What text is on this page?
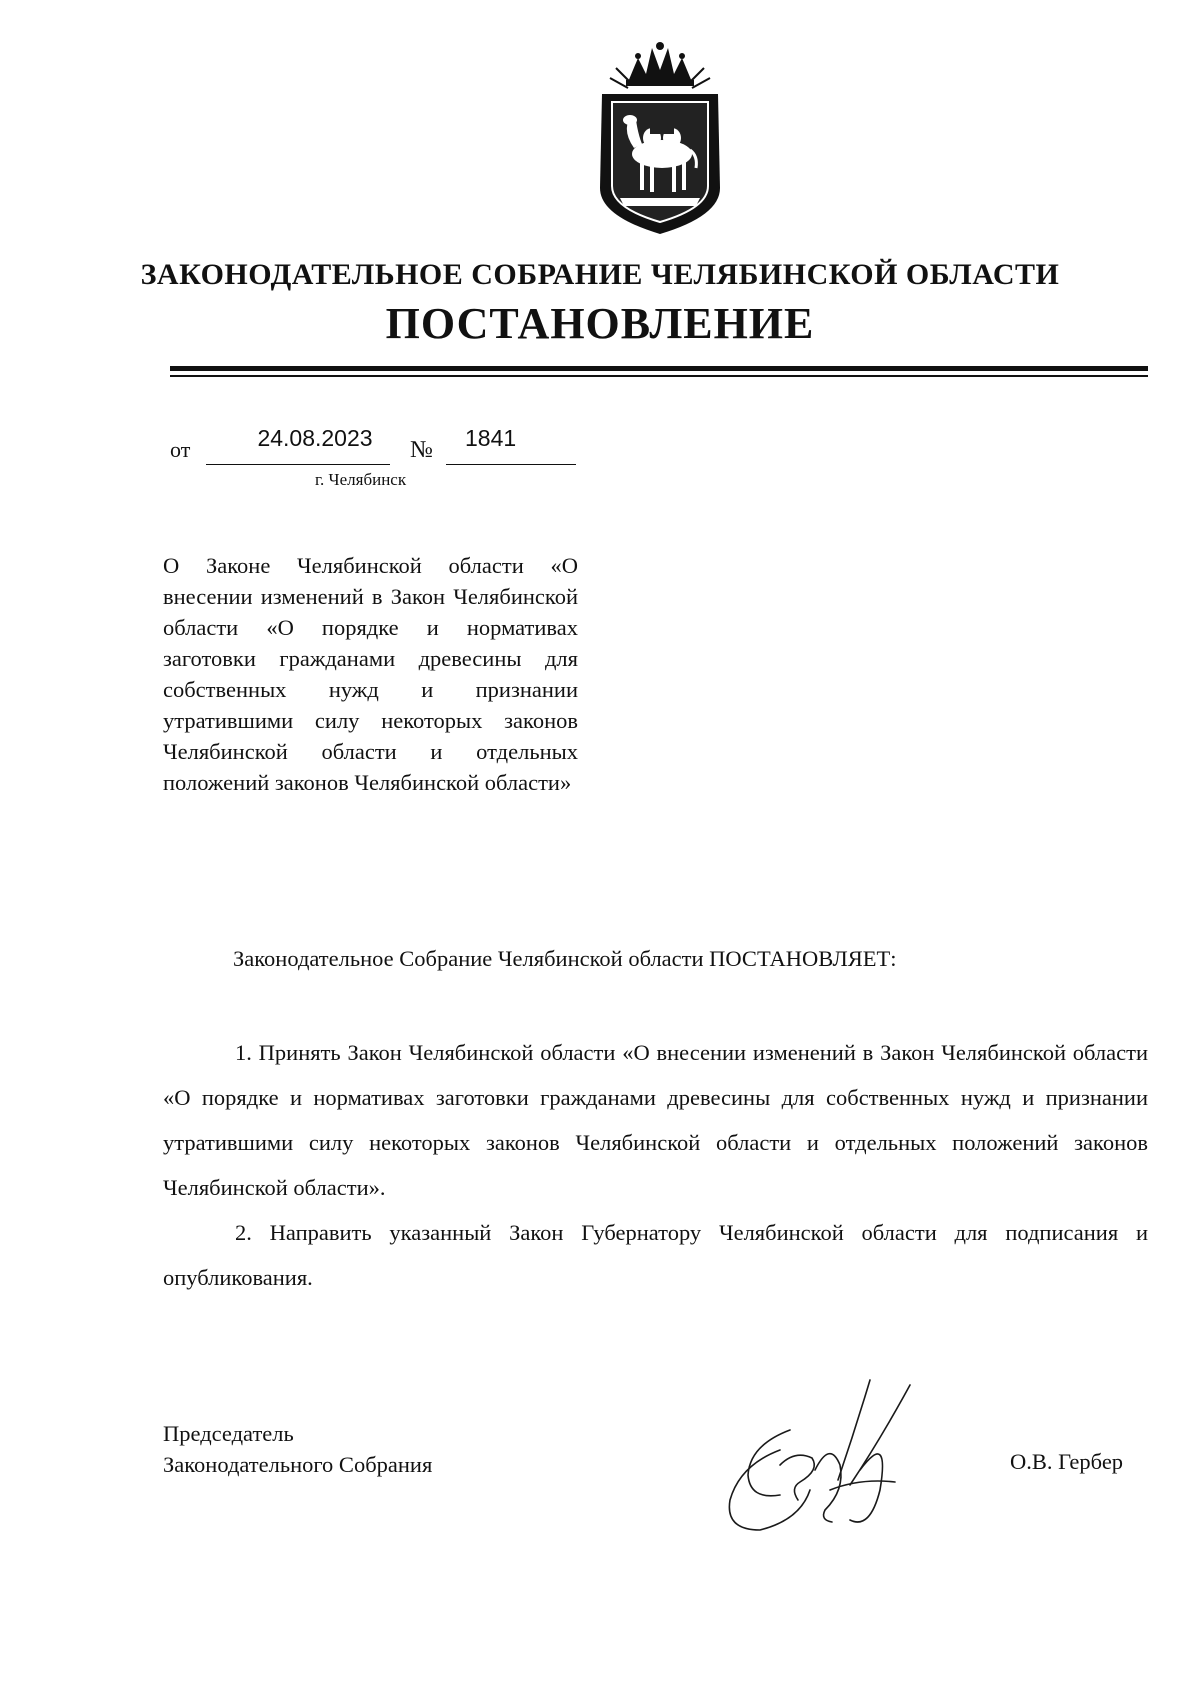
ЗАКОНОДАТЕЛЬНОЕ СОБРАНИЕ ЧЕЛЯБИНСКОЙ ОБЛАСТИ
ПОСТАНОВЛЕНИЕ
от	24.08.2023	№	1841
г. Челябинск
О Законе Челябинской области «О внесении изменений в Закон Челябинской области «О порядке и нормативах заготовки гражданами древесины для собственных нужд и признании утратившими силу некоторых законов Челябинской области и отдельных положений законов Челябинской области»
Законодательное Собрание Челябинской области ПОСТАНОВЛЯЕТ:

1. Принять Закон Челябинской области «О внесении изменений в Закон Челябинской области «О порядке и нормативах заготовки гражданами древесины для собственных нужд и признании утратившими силу некоторых законов Челябинской области и отдельных положений законов Челябинской области».

2. Направить указанный Закон Губернатору Челябинской области для подписания и опубликования.

Председатель
Законодательного Собрания	О.В. Гербер
